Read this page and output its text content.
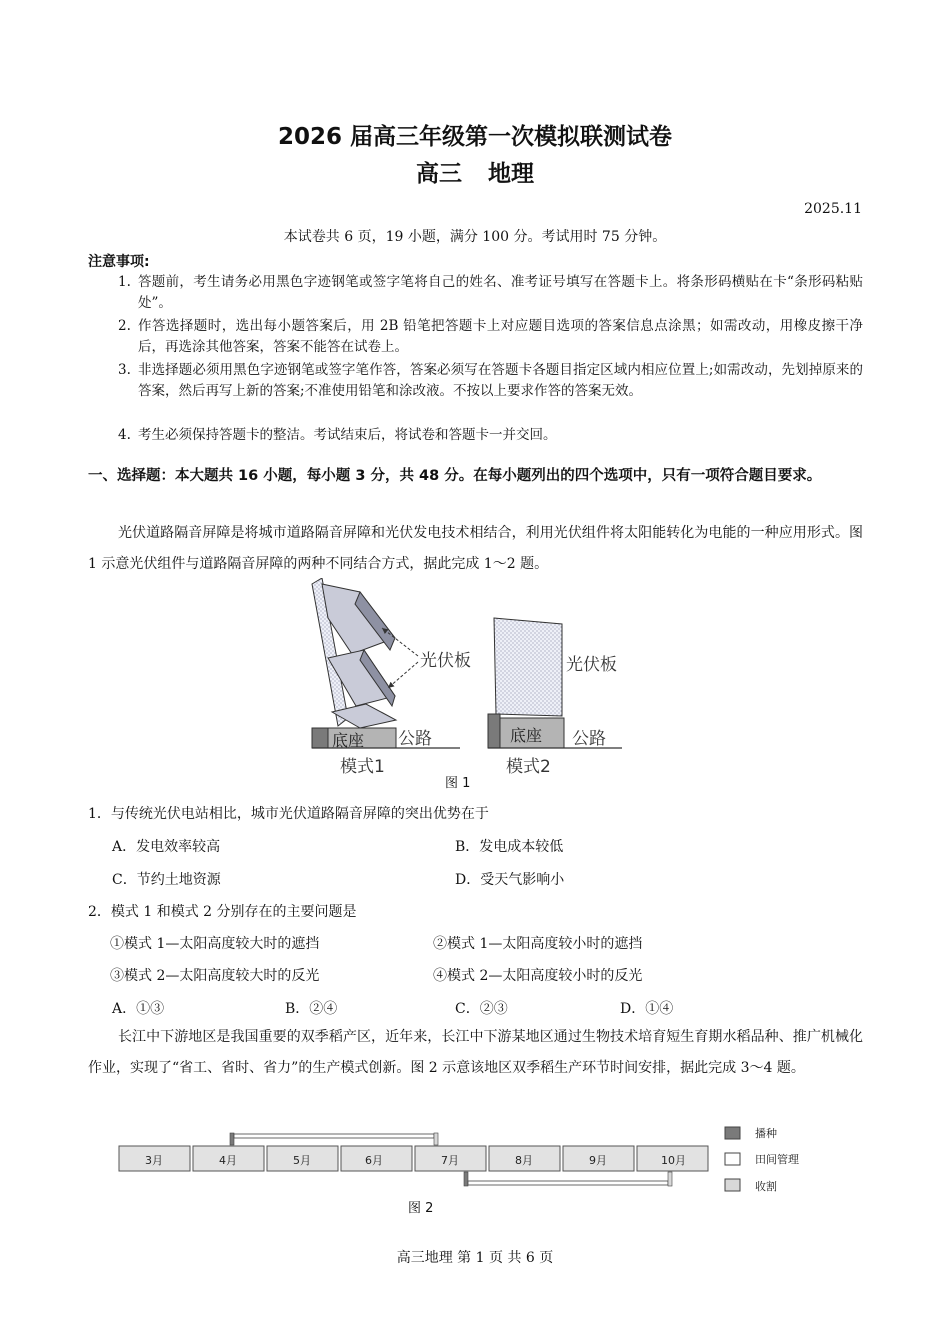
2026 届高三年级第一次模拟联测试卷
高三 地理
2025.11
本试卷共 6 页，19 小题，满分 100 分。考试用时 75 分钟。
注意事项:
1. 答题前，考生请务必用黑色字迹钢笔或签字笔将自己的姓名、准考证号填写在答题卡上。将条形码横贴在卡“条形码粘贴处”。
2. 作答选择题时，选出每小题答案后，用 2B 铅笔把答题卡上对应题目选项的答案信息点涂黑；如需改动，用橡皮擦干净后，再选涂其他答案，答案不能答在试卷上。
3. 非选择题必须用黑色字迹钢笔或签字笔作答，答案必须写在答题卡各题目指定区域内相应位置上;如需改动，先划掉原来的答案，然后再写上新的答案;不准使用铅笔和涂改液。不按以上要求作答的答案无效。
4. 考生必须保持答题卡的整洁。考试结束后，将试卷和答题卡一并交回。
一、选择题：本大题共 16 小题，每小题 3 分，共 48 分。在每小题列出的四个选项中，只有一项符合题目要求。
光伏道路隔音屏障是将城市道路隔音屏障和光伏发电技术相结合，利用光伏组件将太阳能转化为电能的一种应用形式。图 1 示意光伏组件与道路隔音屏障的两种不同结合方式，据此完成 1～2 题。
光伏板
底座 公路
模式1
光伏板
底座 公路
模式2
图 1
1．与传统光伏电站相比，城市光伏道路隔音屏障的突出优势在于
A．发电效率较高	B．发电成本较低
C．节约土地资源	D．受天气影响小
2．模式 1 和模式 2 分别存在的主要问题是
①模式 1—太阳高度较大时的遮挡	②模式 1—太阳高度较小时的遮挡
③模式 2—太阳高度较大时的反光	④模式 2—太阳高度较小时的反光
A．①③	B．②④	C．②③	D．①④
长江中下游地区是我国重要的双季稻产区，近年来，长江中下游某地区通过生物技术培育短生育期水稻品种、推广机械化作业，实现了“省工、省时、省力”的生产模式创新。图 2 示意该地区双季稻生产环节时间安排，据此完成 3～4 题。
3月	4月	5月	6月	7月	8月	9月	10月
播种
田间管理
收割
图 2
高三地理 第 1 页 共 6 页
